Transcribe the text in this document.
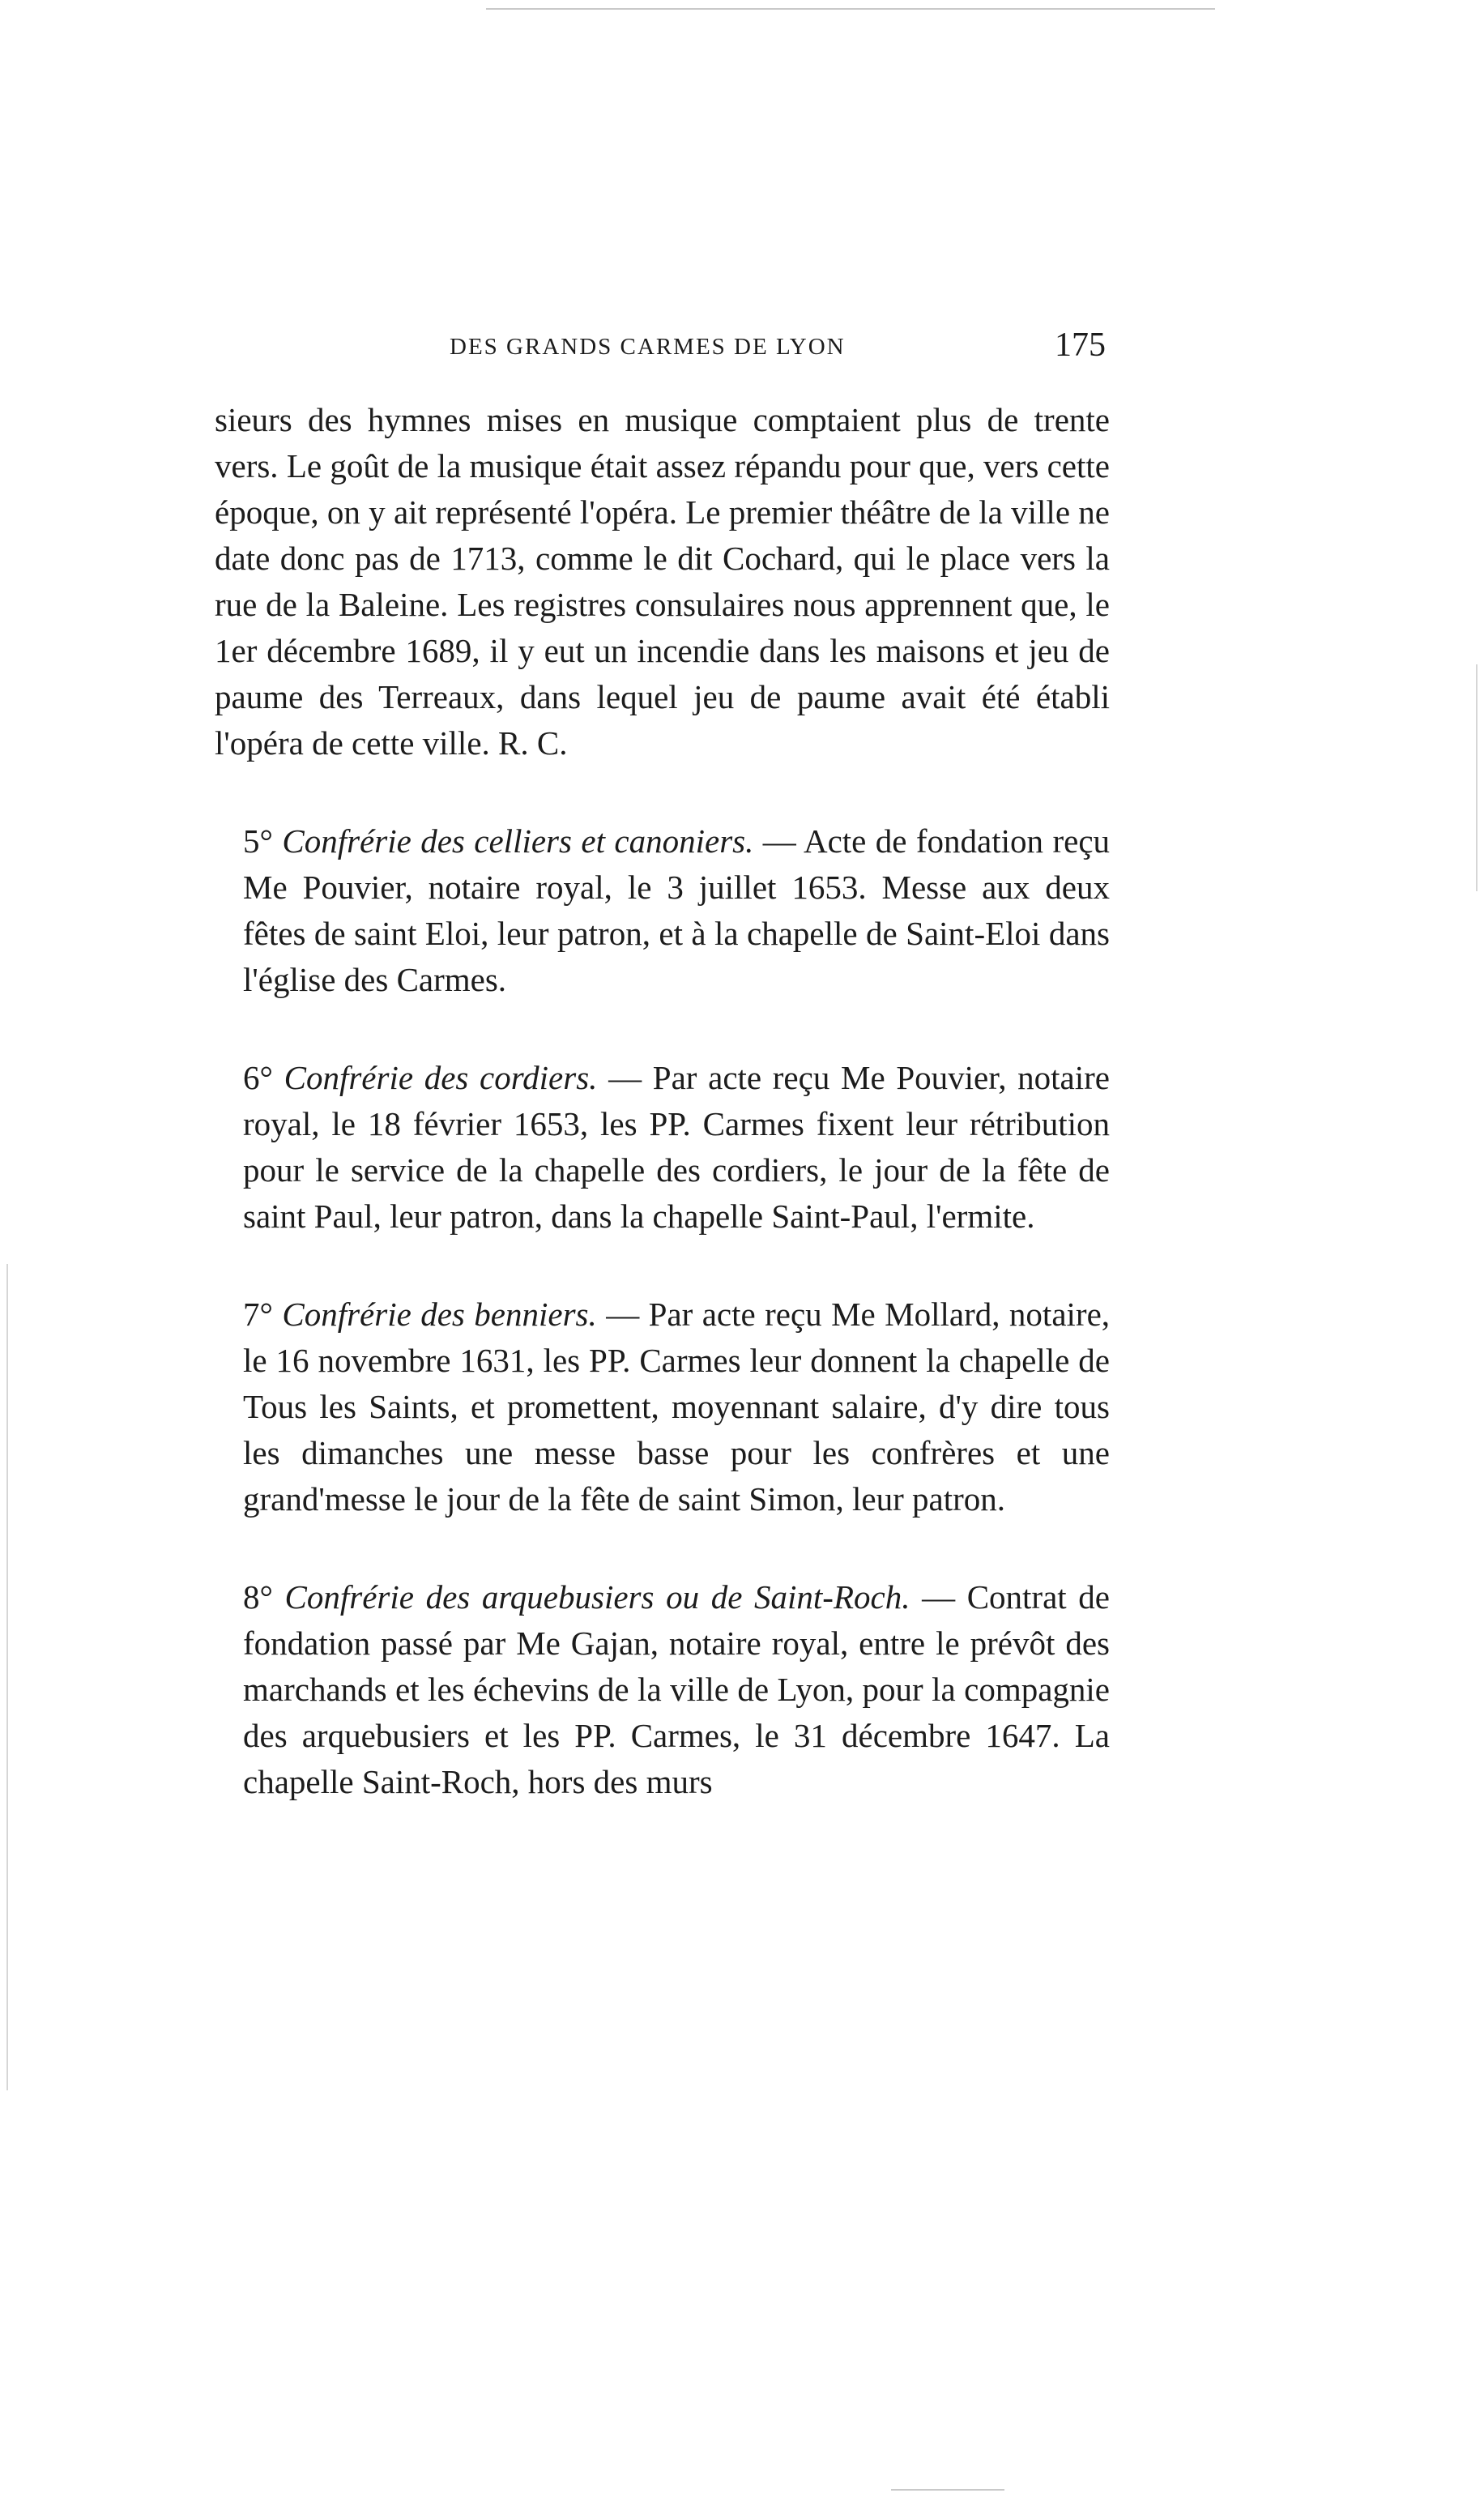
DES GRANDS CARMES DE LYON	175

sieurs des hymnes mises en musique comptaient plus de trente vers. Le goût de la musique était assez répandu pour que, vers cette époque, on y ait représenté l'opéra. Le premier théâtre de la ville ne date donc pas de 1713, comme le dit Cochard, qui le place vers la rue de la Baleine. Les registres consulaires nous apprennent que, le 1er décembre 1689, il y eut un incendie dans les maisons et jeu de paume des Terreaux, dans lequel jeu de paume avait été établi l'opéra de cette ville. R. C.

5° Confrérie des celliers et canoniers. — Acte de fondation reçu Me Pouvier, notaire royal, le 3 juillet 1653. Messe aux deux fêtes de saint Eloi, leur patron, et à la chapelle de Saint-Eloi dans l'église des Carmes.

6° Confrérie des cordiers. — Par acte reçu Me Pouvier, notaire royal, le 18 février 1653, les PP. Carmes fixent leur rétribution pour le service de la chapelle des cordiers, le jour de la fête de saint Paul, leur patron, dans la chapelle Saint-Paul, l'ermite.

7° Confrérie des benniers. — Par acte reçu Me Mollard, notaire, le 16 novembre 1631, les PP. Carmes leur donnent la chapelle de Tous les Saints, et promettent, moyennant salaire, d'y dire tous les dimanches une messe basse pour les confrères et une grand'messe le jour de la fête de saint Simon, leur patron.

8° Confrérie des arquebusiers ou de Saint-Roch. — Contrat de fondation passé par Me Gajan, notaire royal, entre le prévôt des marchands et les échevins de la ville de Lyon, pour la compagnie des arquebusiers et les PP. Carmes, le 31 décembre 1647. La chapelle Saint-Roch, hors des murs
